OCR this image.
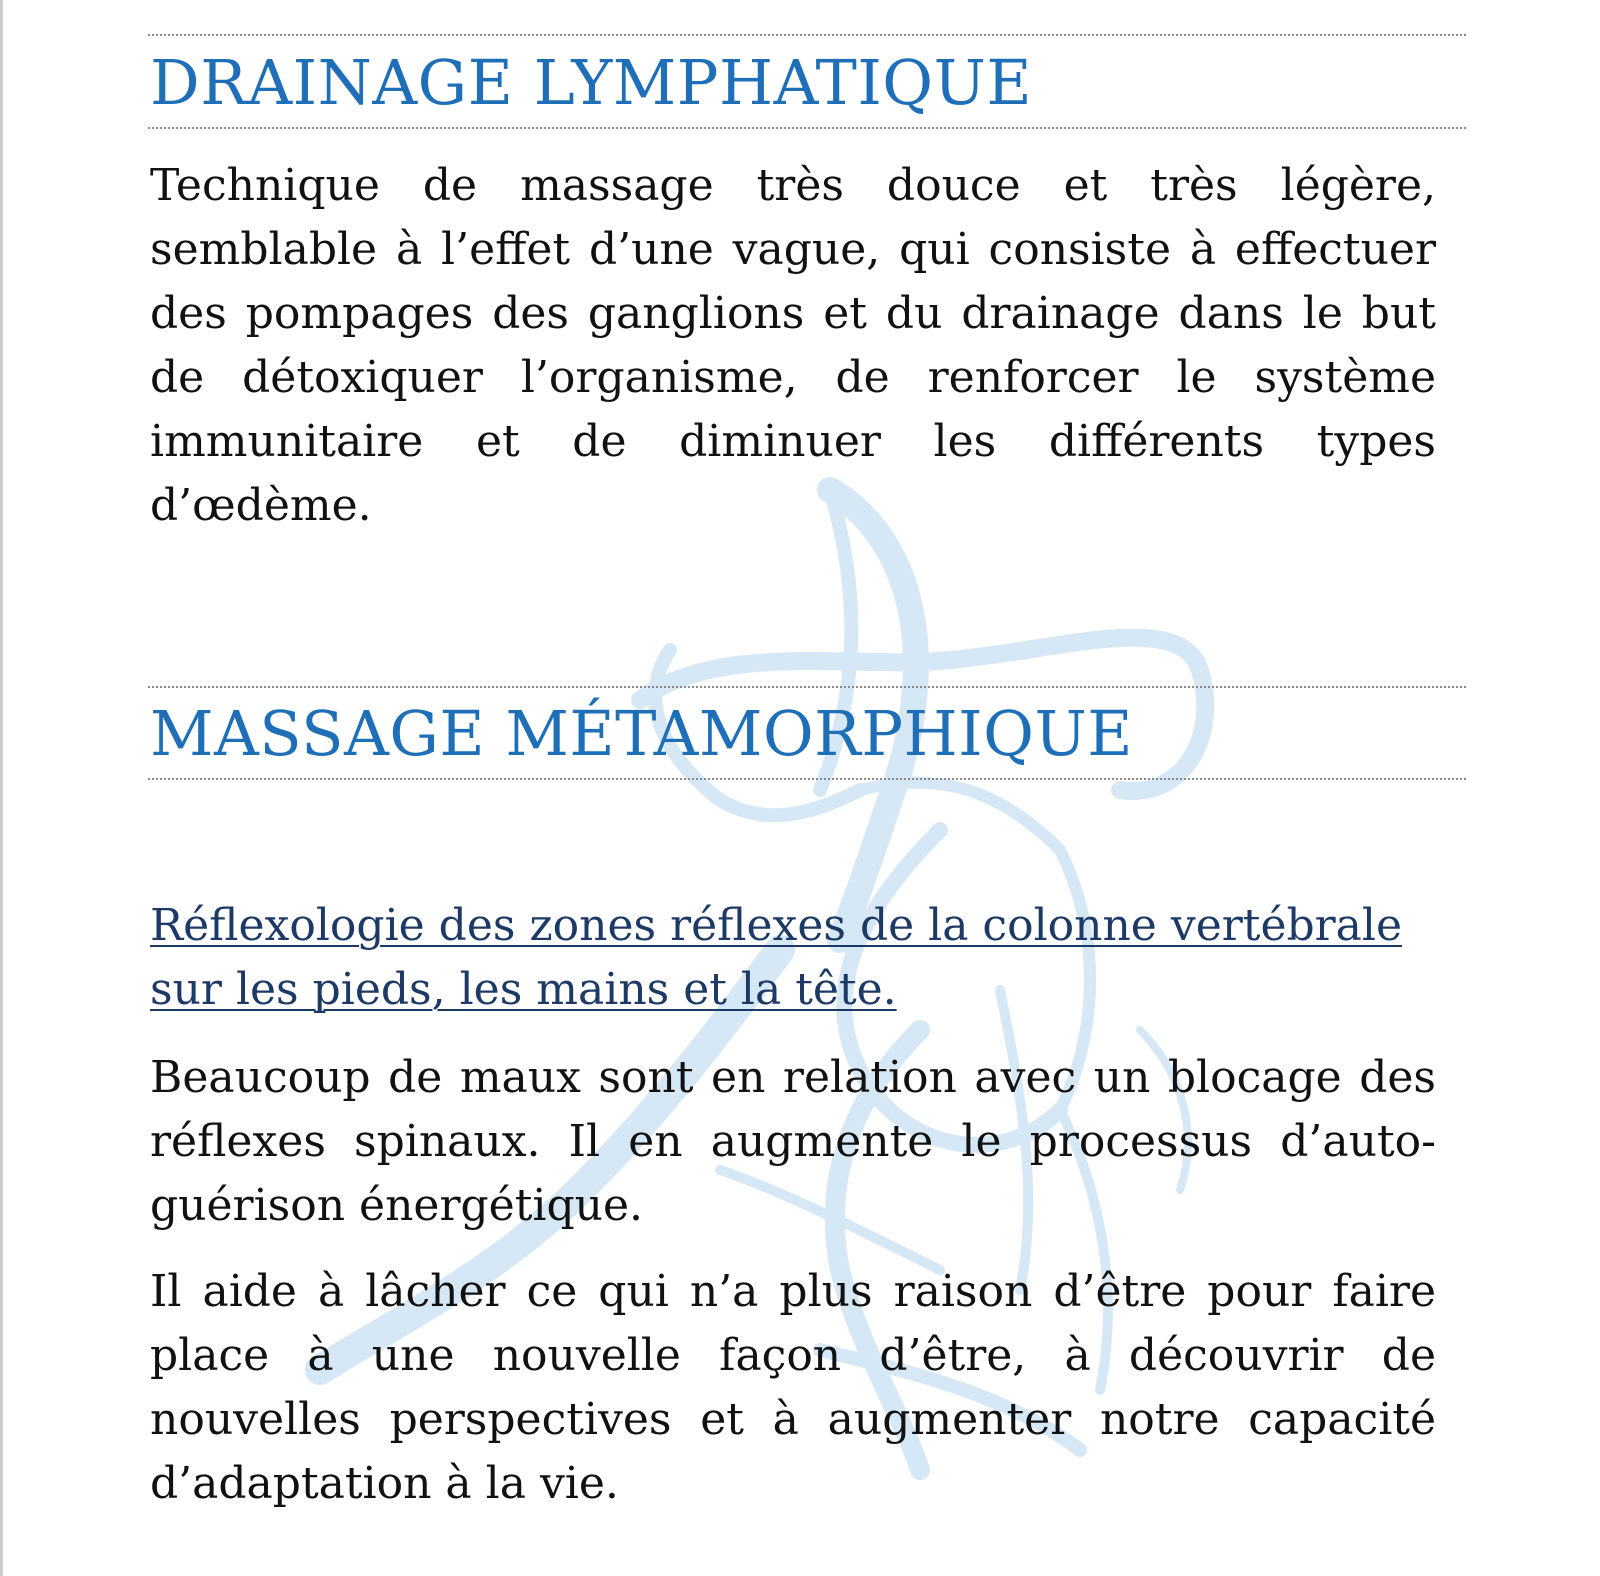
DRAINAGE LYMPHATIQUE

Technique de massage très douce et très légère, semblable à l’effet d’une vague, qui consiste à effectuer des pompages des ganglions et du drainage dans le but de détoxiquer l’organisme, de renforcer le système immunitaire et de diminuer les différents types d’œdème.

MASSAGE MÉTAMORPHIQUE

Réflexologie des zones réflexes de la colonne vertébrale sur les pieds, les mains et la tête.

Beaucoup de maux sont en relation avec un blocage des réflexes spinaux. Il en augmente le processus d’auto-guérison énergétique.

Il aide à lâcher ce qui n’a plus raison d’être pour faire place à une nouvelle façon d’être, à découvrir de nouvelles perspectives et à augmenter notre capacité d’adaptation à la vie.
